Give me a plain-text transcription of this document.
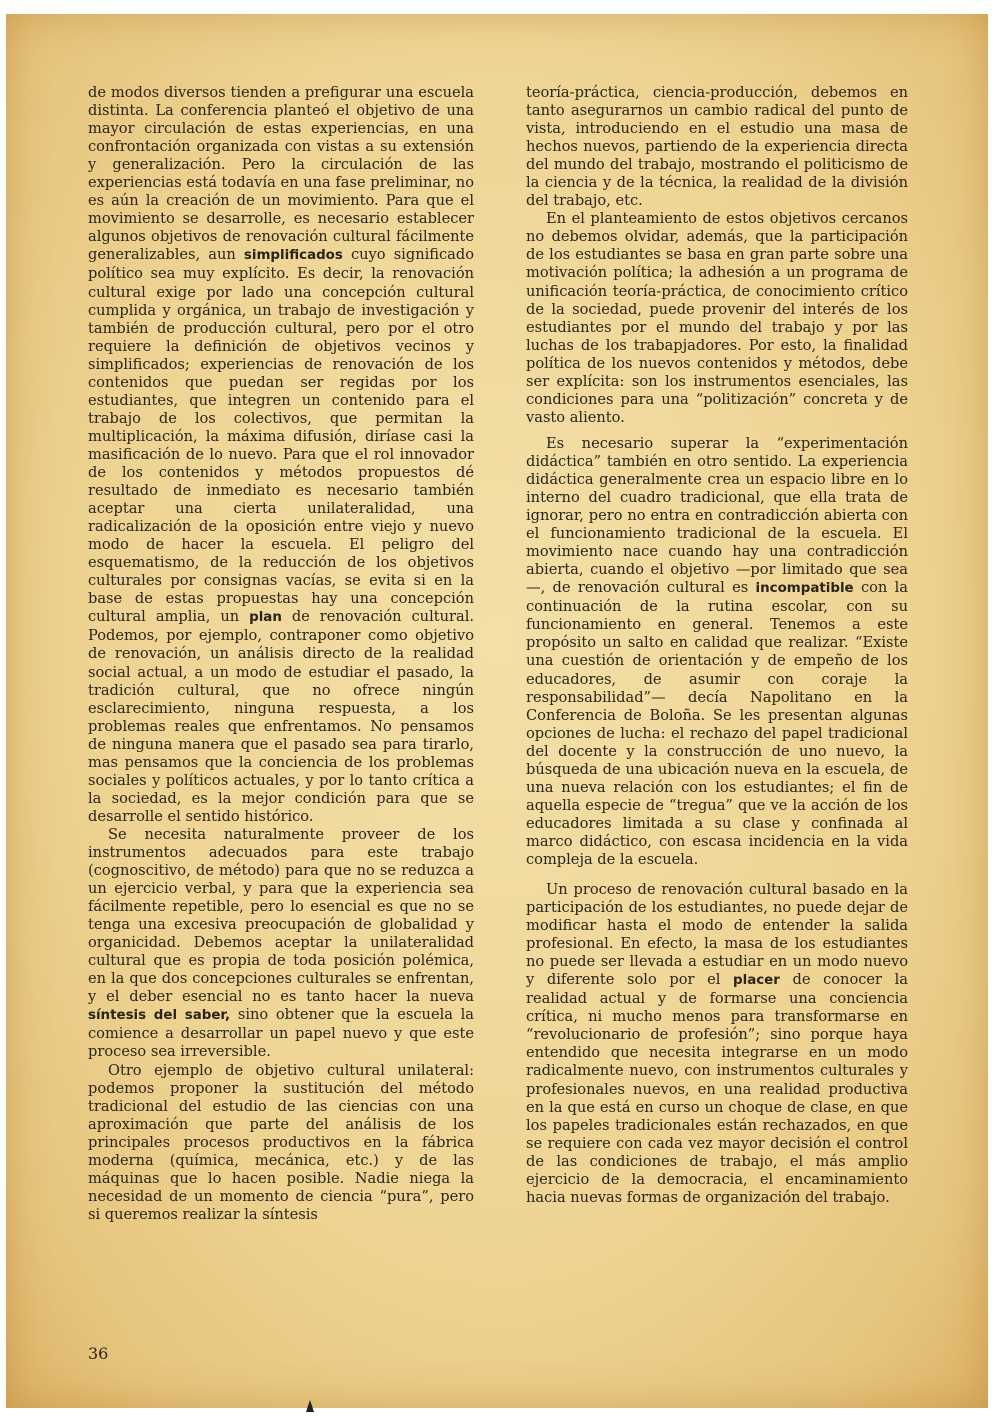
de modos diversos tienden a prefigurar una escuela distinta. La conferencia planteó el objetivo de una mayor circulación de estas experiencias, en una confrontación organizada con vistas a su extensión y generalización. Pero la circulación de las experiencias está todavía en una fase preliminar, no es aún la creación de un movimiento. Para que el movimiento se desarrolle, es necesario establecer algunos objetivos de renovación cultural fácilmente generalizables, aun simplificados cuyo significado político sea muy explícito. Es decir, la renovación cultural exige por lado una concepción cultural cumplida y orgánica, un trabajo de investigación y también de producción cultural, pero por el otro requiere la definición de objetivos vecinos y simplificados; experiencias de renovación de los contenidos que puedan ser regidas por los estudiantes, que integren un contenido para el trabajo de los colectivos, que permitan la multiplicación, la máxima difusión, diríase casi la masificación de lo nuevo. Para que el rol innovador de los contenidos y métodos propuestos dé resultado de inmediato es necesario también aceptar una cierta unilateralidad, una radicalización de la oposición entre viejo y nuevo modo de hacer la escuela. El peligro del esquematismo, de la reducción de los objetivos culturales por consignas vacías, se evita si en la base de estas propuestas hay una concepción cultural amplia, un plan de renovación cultural. Podemos, por ejemplo, contraponer como objetivo de renovación, un análisis directo de la realidad social actual, a un modo de estudiar el pasado, la tradición cultural, que no ofrece ningún esclarecimiento, ninguna respuesta, a los problemas reales que enfrentamos. No pensamos de ninguna manera que el pasado sea para tirarlo, mas pensamos que la conciencia de los problemas sociales y políticos actuales, y por lo tanto crítica a la sociedad, es la mejor condición para que se desarrolle el sentido histórico.

Se necesita naturalmente proveer de los instrumentos adecuados para este trabajo (cognoscitivo, de método) para que no se reduzca a un ejercicio verbal, y para que la experiencia sea fácilmente repetible, pero lo esencial es que no se tenga una excesiva preocupación de globalidad y organicidad. Debemos aceptar la unilateralidad cultural que es propia de toda posición polémica, en la que dos concepciones culturales se enfrentan, y el deber esencial no es tanto hacer la nueva síntesis del saber, sino obtener que la escuela la comience a desarrollar un papel nuevo y que este proceso sea irreversible.

Otro ejemplo de objetivo cultural unilateral: podemos proponer la sustitución del método tradicional del estudio de las ciencias con una aproximación que parte del análisis de los principales procesos productivos en la fábrica moderna (química, mecánica, etc.) y de las máquinas que lo hacen posible. Nadie niega la necesidad de un momento de ciencia “pura”, pero si queremos realizar la síntesis

teoría-práctica, ciencia-producción, debemos en tanto asegurarnos un cambio radical del punto de vista, introduciendo en el estudio una masa de hechos nuevos, partiendo de la experiencia directa del mundo del trabajo, mostrando el politicismo de la ciencia y de la técnica, la realidad de la división del trabajo, etc.

En el planteamiento de estos objetivos cercanos no debemos olvidar, además, que la participación de los estudiantes se basa en gran parte sobre una motivación política; la adhesión a un programa de unificación teoría-práctica, de conocimiento crítico de la sociedad, puede provenir del interés de los estudiantes por el mundo del trabajo y por las luchas de los trabapjadores. Por esto, la finalidad política de los nuevos contenidos y métodos, debe ser explícita: son los instrumentos esenciales, las condiciones para una “politización” concreta y de vasto aliento.

Es necesario superar la “experimentación didáctica” también en otro sentido. La experiencia didáctica generalmente crea un espacio libre en lo interno del cuadro tradicional, que ella trata de ignorar, pero no entra en contradicción abierta con el funcionamiento tradicional de la escuela. El movimiento nace cuando hay una contradicción abierta, cuando el objetivo —por limitado que sea—, de renovación cultural es incompatible con la continuación de la rutina escolar, con su funcionamiento en general. Tenemos a este propósito un salto en calidad que realizar. “Existe una cuestión de orientación y de empeño de los educadores, de asumir con coraje la responsabilidad”— decía Napolitano en la Conferencia de Boloña. Se les presentan algunas opciones de lucha: el rechazo del papel tradicional del docente y la construcción de uno nuevo, la búsqueda de una ubicación nueva en la escuela, de una nueva relación con los estudiantes; el fin de aquella especie de “tregua” que ve la acción de los educadores limitada a su clase y confinada al marco didáctico, con escasa incidencia en la vida compleja de la escuela.

Un proceso de renovación cultural basado en la participación de los estudiantes, no puede dejar de modificar hasta el modo de entender la salida profesional. En efecto, la masa de los estudiantes no puede ser llevada a estudiar en un modo nuevo y diferente solo por el placer de conocer la realidad actual y de formarse una conciencia crítica, ni mucho menos para transformarse en “revolucionario de profesión”; sino porque haya entendido que necesita integrarse en un modo radicalmente nuevo, con instrumentos culturales y profesionales nuevos, en una realidad productiva en la que está en curso un choque de clase, en que los papeles tradicionales están rechazados, en que se requiere con cada vez mayor decisión el control de las condiciones de trabajo, el más amplio ejercicio de la democracia, el encaminamiento hacia nuevas formas de organización del trabajo.

36
